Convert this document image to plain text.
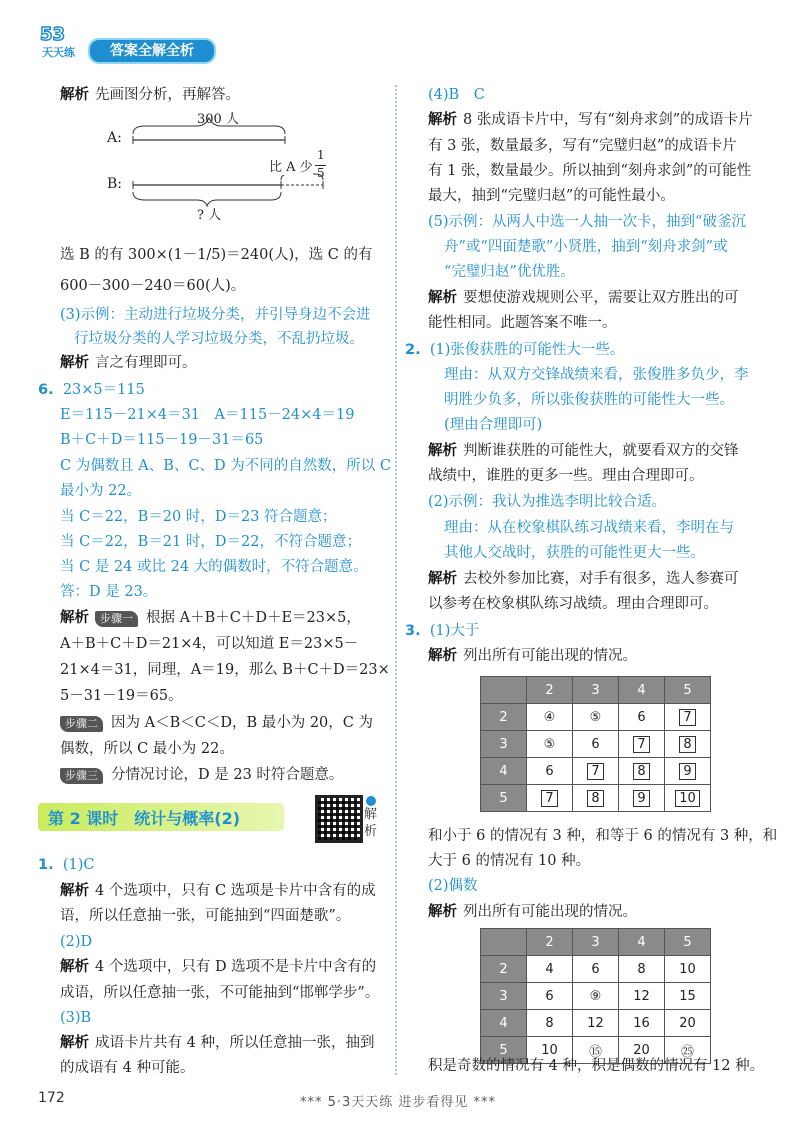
53
天天练	答案全解全析
解析 先画图分析，再解答。
300 人
A:
B:
比 A 少
1
5
? 人
选 B 的有 300×(1－1/5)＝240(人)，选 C 的有
600－300－240＝60(人)。
(3)示例：主动进行垃圾分类，并引导身边不会进
行垃圾分类的人学习垃圾分类，不乱扔垃圾。
解析 言之有理即可。
6. 23×5＝115
E＝115－21×4＝31　A＝115－24×4＝19
B＋C＋D＝115－19－31＝65
C 为偶数且 A、B、C、D 为不同的自然数，所以 C
最小为 22。
当 C＝22，B＝20 时，D＝23 符合题意；
当 C＝22，B＝21 时，D＝22，不符合题意；
当 C 是 24 或比 24 大的偶数时，不符合题意。
答：D 是 23。
解析 步骤一 根据 A＋B＋C＋D＋E＝23×5，
A＋B＋C＋D＝21×4，可以知道 E＝23×5－
21×4＝31，同理，A＝19，那么 B＋C＋D＝23×
5－31－19＝65。
步骤二 因为 A＜B＜C＜D，B 最小为 20，C 为
偶数，所以 C 最小为 22。
步骤三 分情况讨论，D 是 23 时符合题意。
第 2 课时　统计与概率(2)	解析
1. (1)C
解析 4 个选项中，只有 C 选项是卡片中含有的成
语，所以任意抽一张，可能抽到“四面楚歌”。
(2)D
解析 4 个选项中，只有 D 选项不是卡片中含有的
成语，所以任意抽一张，不可能抽到“邯郸学步”。
(3)B
解析 成语卡片共有 4 种，所以任意抽一张，抽到
的成语有 4 种可能。
(4)B　C
解析 8 张成语卡片中，写有“刻舟求剑”的成语卡片
有 3 张，数量最多，写有“完璧归赵”的成语卡片
有 1 张，数量最少。所以抽到“刻舟求剑”的可能性
最大，抽到“完璧归赵”的可能性最小。
(5)示例：从两人中选一人抽一次卡，抽到“破釜沉
舟”或“四面楚歌”小贤胜，抽到“刻舟求剑”或
“完璧归赵”优优胜。
解析 要想使游戏规则公平，需要让双方胜出的可
能性相同。此题答案不唯一。
2. (1)张俊获胜的可能性大一些。
理由：从双方交锋战绩来看，张俊胜多负少，李
明胜少负多，所以张俊获胜的可能性大一些。
(理由合理即可)
解析 判断谁获胜的可能性大，就要看双方的交锋
战绩中，谁胜的更多一些。理由合理即可。
(2)示例：我认为推选李明比较合适。
理由：从在校象棋队练习战绩来看，李明在与
其他人交战时，获胜的可能性更大一些。
解析 去校外参加比赛，对手有很多，选人参赛可
以参考在校象棋队练习战绩。理由合理即可。
3. (1)大于
解析 列出所有可能出现的情况。
	2	3	4	5
2	④	⑤	6	7
3	⑤	6	7	8
4	6	7	8	9
5	7	8	9	10
和小于 6 的情况有 3 种，和等于 6 的情况有 3 种，和
大于 6 的情况有 10 种。
(2)偶数
解析 列出所有可能出现的情况。
	2	3	4	5
2	4	6	8	10
3	6	⑨	12	15
4	8	12	16	20
5	10	⑮	20	㉕
积是奇数的情况有 4 种，积是偶数的情况有 12 种。
172	*** 5·3天天练 进步看得见 ***
